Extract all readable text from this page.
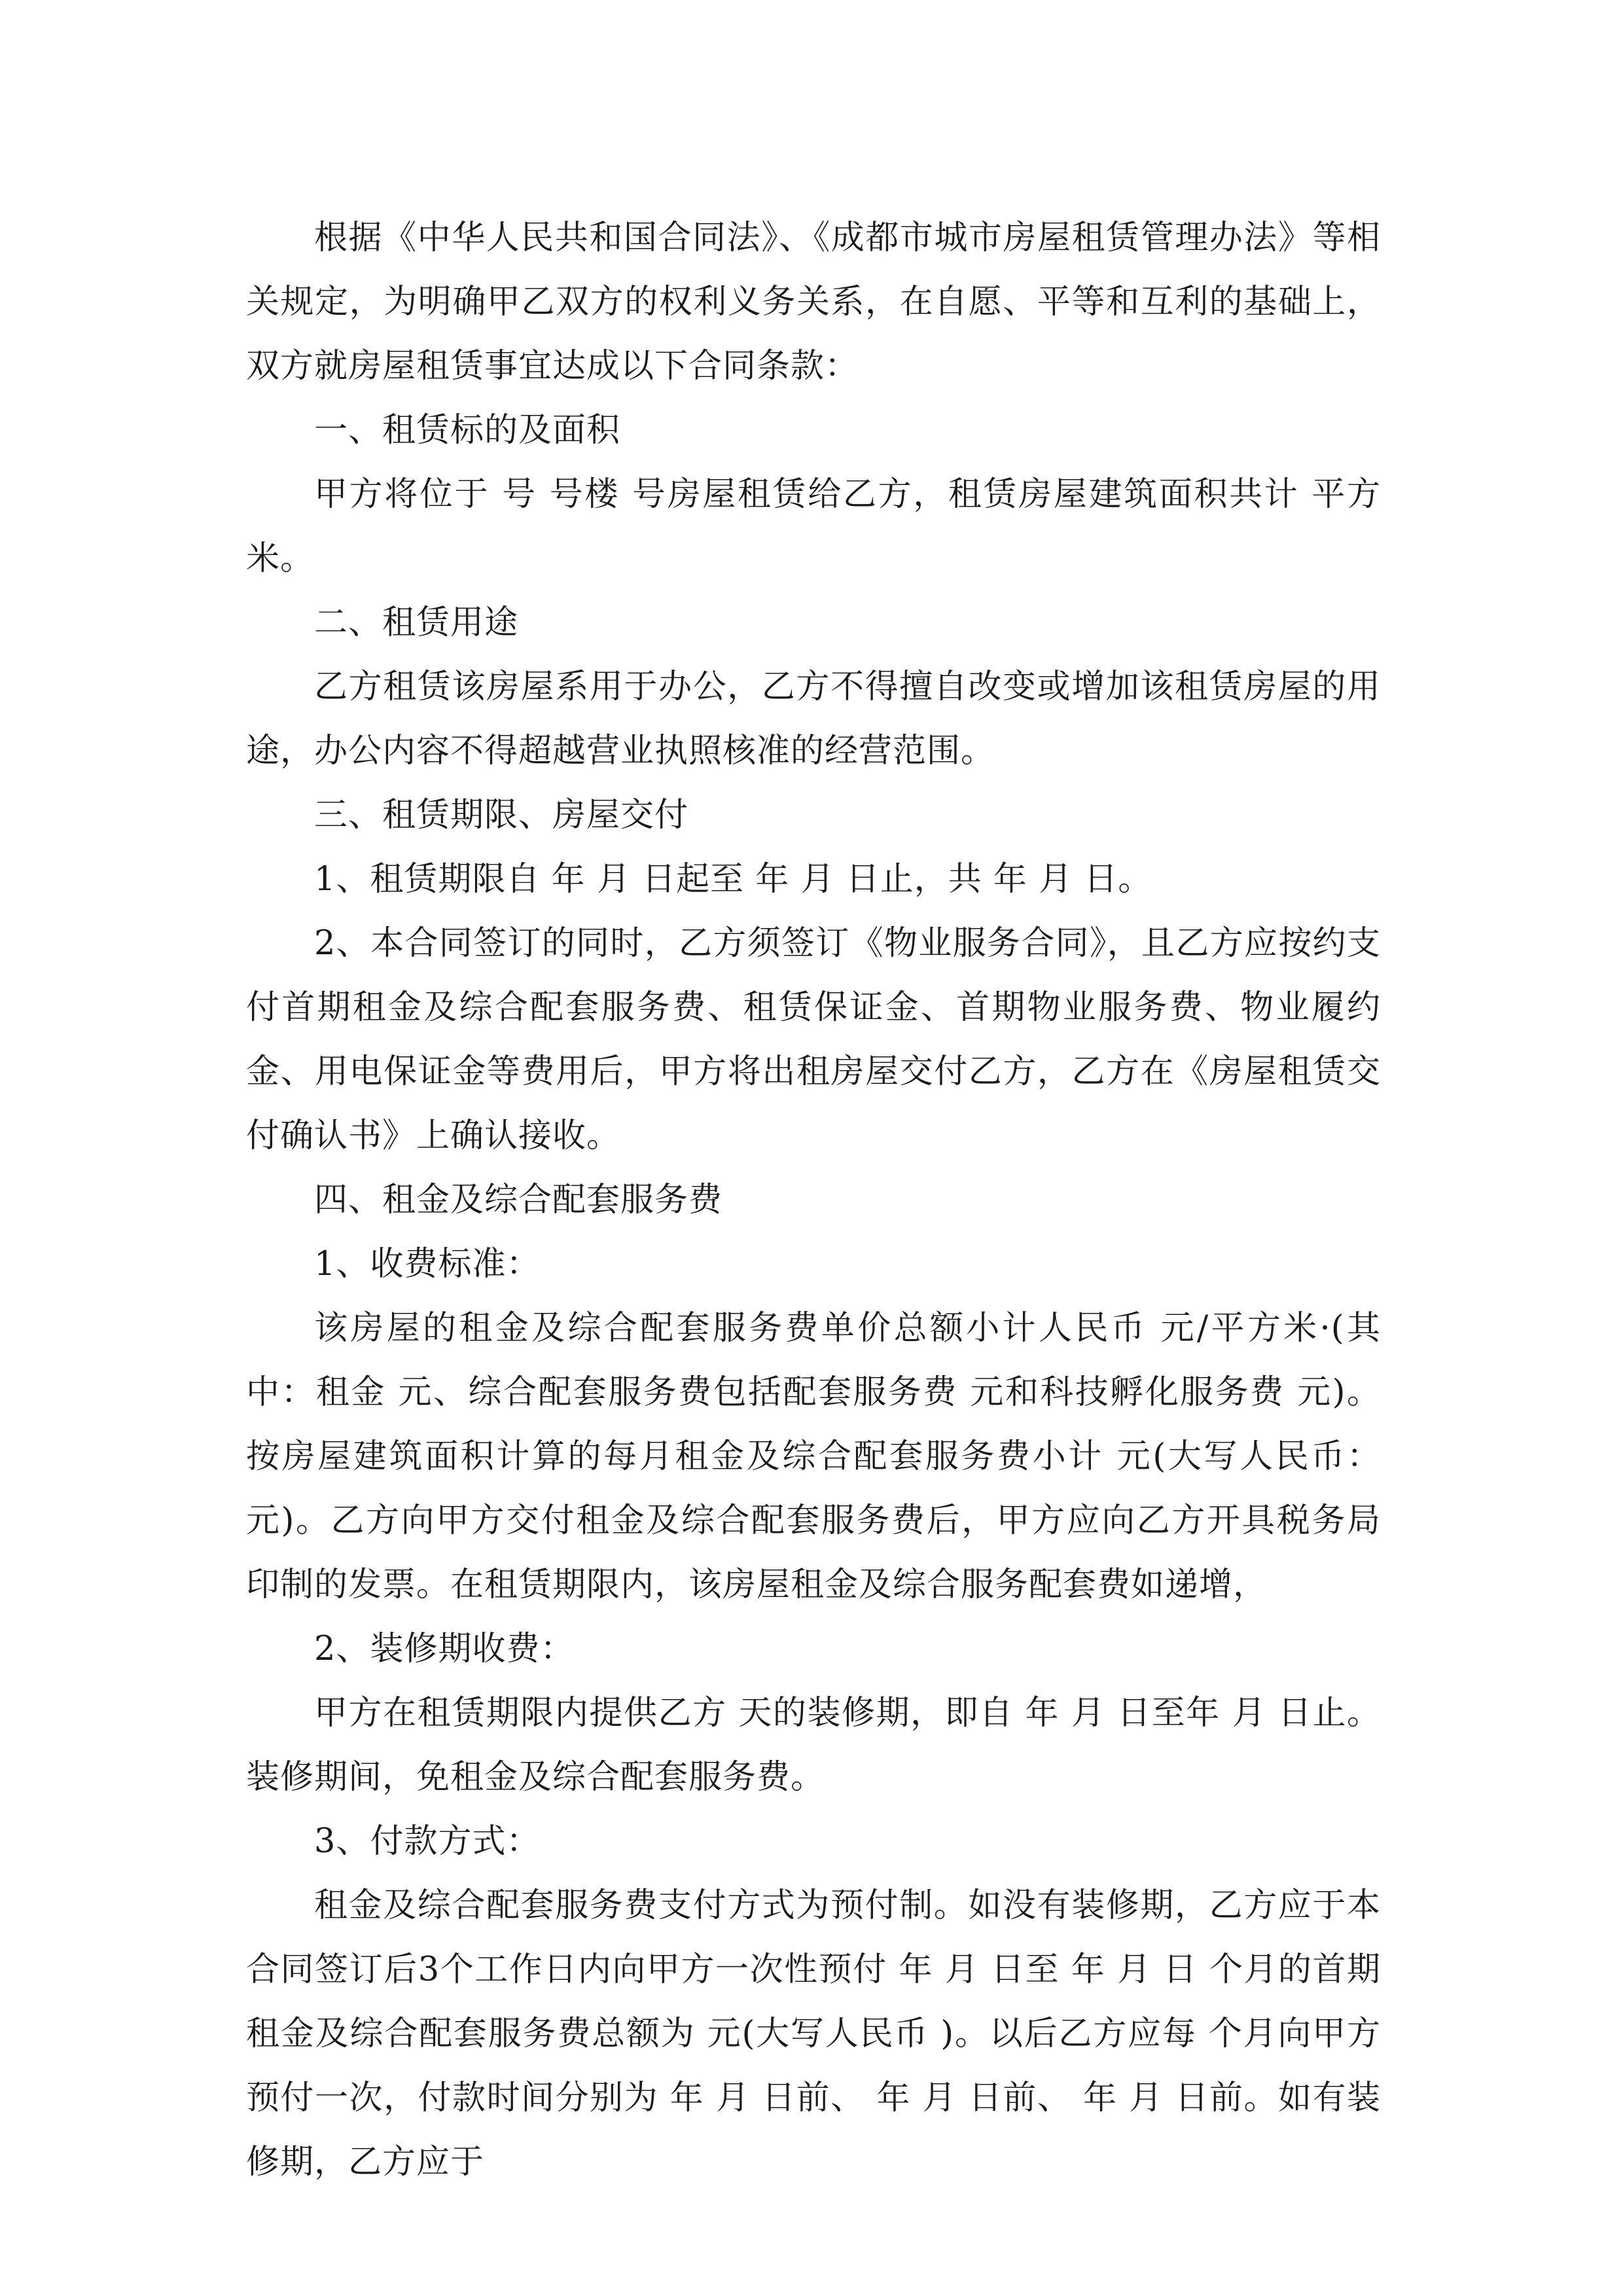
根据《中华人民共和国合同法》、《成都市城市房屋租赁管理办法》等相关规定，为明确甲乙双方的权利义务关系，在自愿、平等和互利的基础上，双方就房屋租赁事宜达成以下合同条款：

一、租赁标的及面积

甲方将位于 号 号楼 号房屋租赁给乙方，租赁房屋建筑面积共计 平方米。

二、租赁用途

乙方租赁该房屋系用于办公，乙方不得擅自改变或增加该租赁房屋的用途，办公内容不得超越营业执照核准的经营范围。

三、租赁期限、房屋交付

1、租赁期限自 年 月 日起至 年 月 日止，共 年 月 日。

2、本合同签订的同时，乙方须签订《物业服务合同》，且乙方应按约支付首期租金及综合配套服务费、租赁保证金、首期物业服务费、物业履约金、用电保证金等费用后，甲方将出租房屋交付乙方，乙方在《房屋租赁交付确认书》上确认接收。

四、租金及综合配套服务费

1、收费标准：

该房屋的租金及综合配套服务费单价总额小计人民币 元/平方米·(其中：租金 元、综合配套服务费包括配套服务费 元和科技孵化服务费 元)。按房屋建筑面积计算的每月租金及综合配套服务费小计 元(大写人民币： 元)。乙方向甲方交付租金及综合配套服务费后，甲方应向乙方开具税务局印制的发票。在租赁期限内，该房屋租金及综合服务配套费如递增，

2、装修期收费：

甲方在租赁期限内提供乙方 天的装修期，即自 年 月 日至年 月 日止。装修期间，免租金及综合配套服务费。

3、付款方式：

租金及综合配套服务费支付方式为预付制。如没有装修期，乙方应于本合同签订后3个工作日内向甲方一次性预付 年 月 日至 年 月 日 个月的首期租金及综合配套服务费总额为 元(大写人民币 )。以后乙方应每 个月向甲方预付一次，付款时间分别为 年 月 日前、 年 月 日前、 年 月 日前。如有装修期，乙方应于
